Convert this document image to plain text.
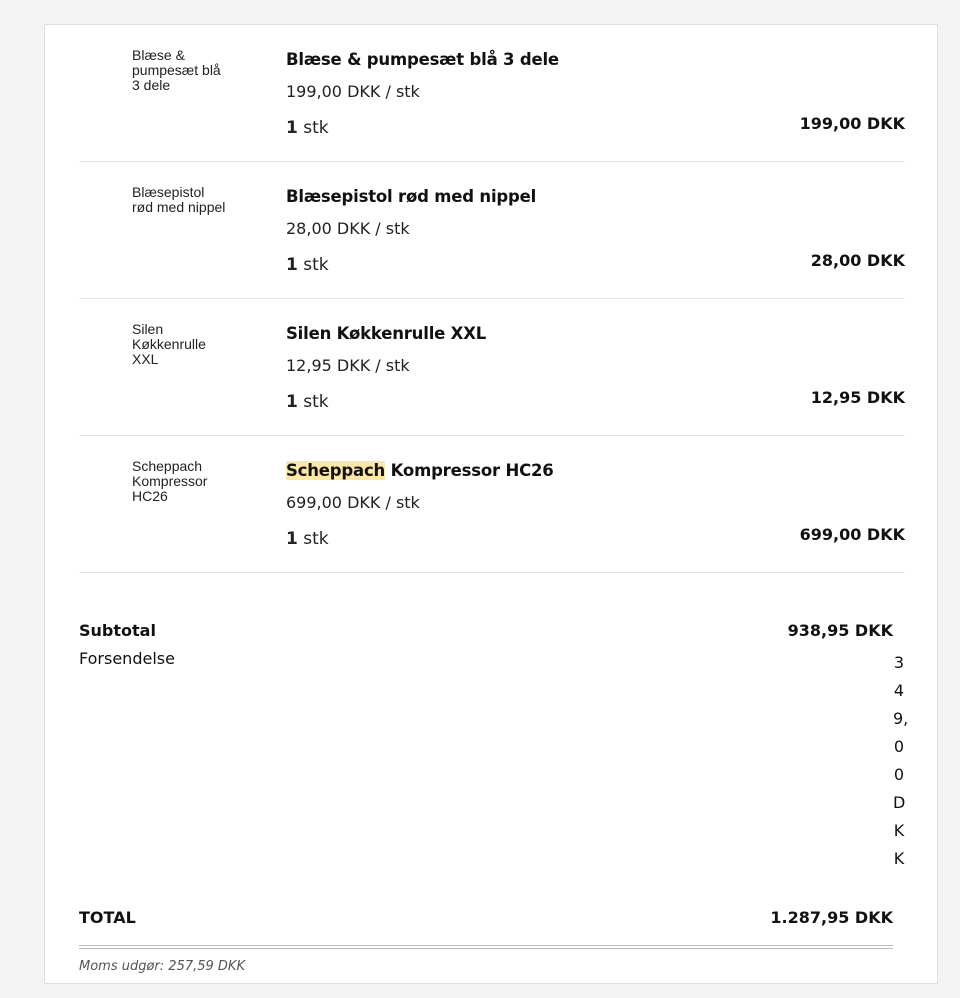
Blæse & pumpesæt blå 3 dele
Blæse & pumpesæt blå 3 dele
199,00 DKK / stk
1 stk	199,00 DKK
Blæsepistol rød med nippel
Blæsepistol rød med nippel
28,00 DKK / stk
1 stk	28,00 DKK
Silen Køkkenrulle XXL
Silen Køkkenrulle XXL
12,95 DKK / stk
1 stk	12,95 DKK
Scheppach Kompressor HC26
Scheppach Kompressor HC26
699,00 DKK / stk
1 stk	699,00 DKK
Subtotal	938,95 DKK
Forsendelse	349,00DKK
TOTAL	1.287,95 DKK
Moms udgør: 257,59 DKK
